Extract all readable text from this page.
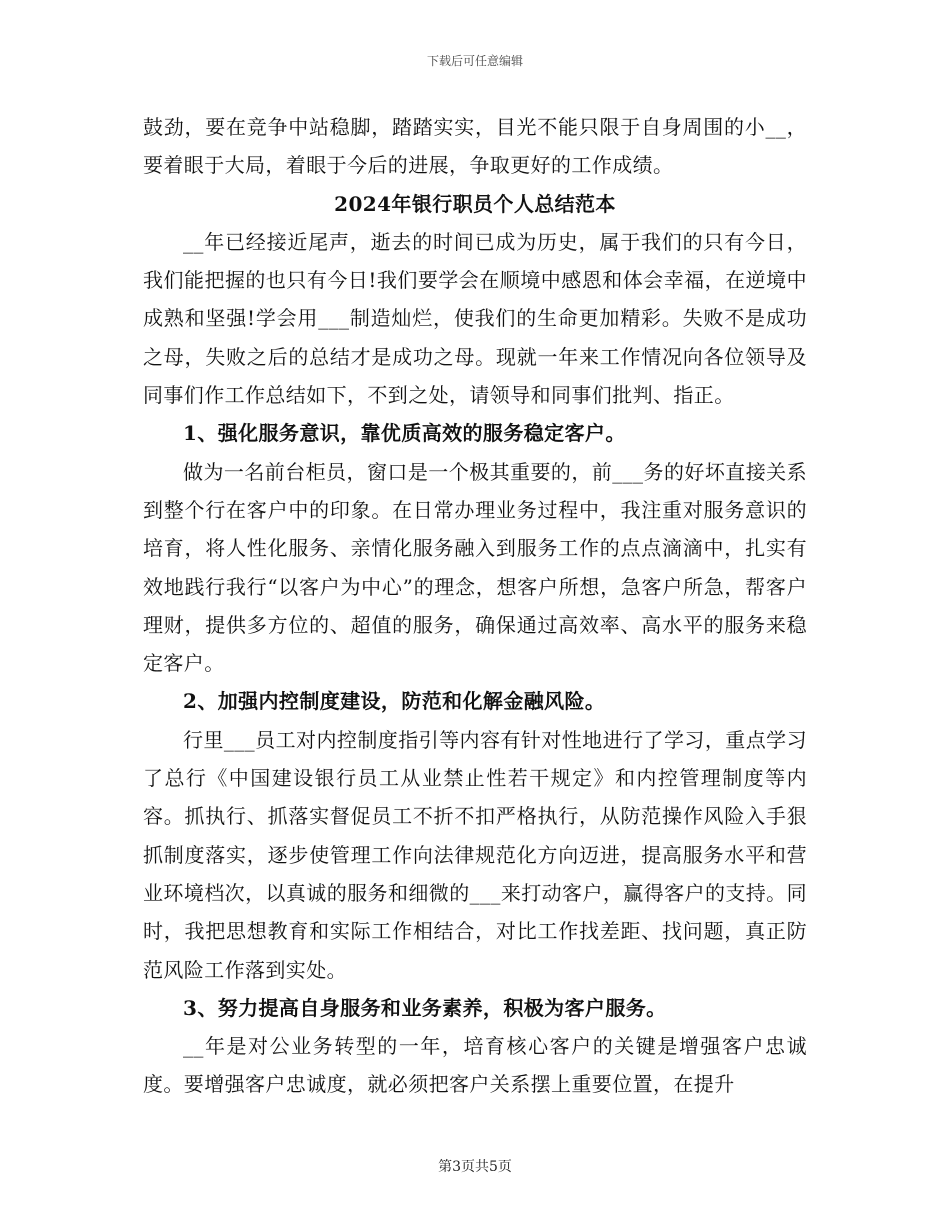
下载后可任意编辑

鼓劲，要在竞争中站稳脚，踏踏实实，目光不能只限于自身周围的小__，要着眼于大局，着眼于今后的进展，争取更好的工作成绩。

2024年银行职员个人总结范本

__年已经接近尾声，逝去的时间已成为历史，属于我们的只有今日，我们能把握的也只有今日!我们要学会在顺境中感恩和体会幸福，在逆境中成熟和坚强!学会用___制造灿烂，使我们的生命更加精彩。失败不是成功之母，失败之后的总结才是成功之母。现就一年来工作情况向各位领导及同事们作工作总结如下，不到之处，请领导和同事们批判、指正。

1、强化服务意识，靠优质高效的服务稳定客户。

做为一名前台柜员，窗口是一个极其重要的，前___务的好坏直接关系到整个行在客户中的印象。在日常办理业务过程中，我注重对服务意识的培育，将人性化服务、亲情化服务融入到服务工作的点点滴滴中，扎实有效地践行我行“以客户为中心”的理念，想客户所想，急客户所急，帮客户理财，提供多方位的、超值的服务，确保通过高效率、高水平的服务来稳定客户。

2、加强内控制度建设，防范和化解金融风险。

行里___员工对内控制度指引等内容有针对性地进行了学习，重点学习了总行《中国建设银行员工从业禁止性若干规定》和内控管理制度等内容。抓执行、抓落实督促员工不折不扣严格执行，从防范操作风险入手狠抓制度落实，逐步使管理工作向法律规范化方向迈进，提高服务水平和营业环境档次，以真诚的服务和细微的___来打动客户，赢得客户的支持。同时，我把思想教育和实际工作相结合，对比工作找差距、找问题，真正防范风险工作落到实处。

3、努力提高自身服务和业务素养，积极为客户服务。

__年是对公业务转型的一年，培育核心客户的关键是增强客户忠诚度。要增强客户忠诚度，就必须把客户关系摆上重要位置，在提升

第3页共5页
